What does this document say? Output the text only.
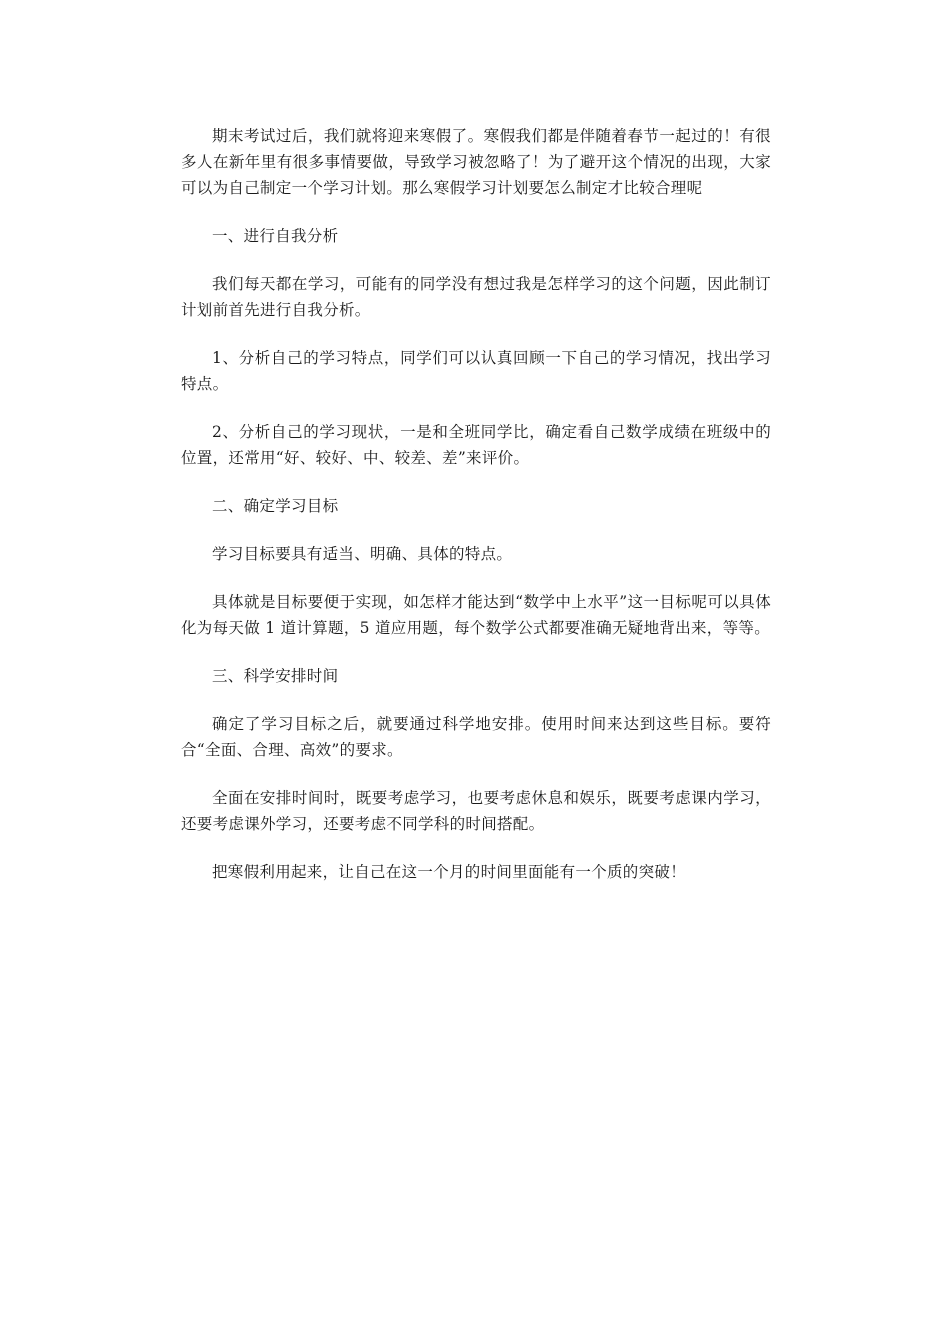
期末考试过后，我们就将迎来寒假了。寒假我们都是伴随着春节一起过的！有很多人在新年里有很多事情要做，导致学习被忽略了！为了避开这个情况的出现，大家可以为自己制定一个学习计划。那么寒假学习计划要怎么制定才比较合理呢

一、进行自我分析

我们每天都在学习，可能有的同学没有想过我是怎样学习的这个问题，因此制订计划前首先进行自我分析。

1、分析自己的学习特点，同学们可以认真回顾一下自己的学习情况，找出学习特点。

2、分析自己的学习现状，一是和全班同学比，确定看自己数学成绩在班级中的位置，还常用“好、较好、中、较差、差”来评价。

二、确定学习目标

学习目标要具有适当、明确、具体的特点。

具体就是目标要便于实现，如怎样才能达到“数学中上水平”这一目标呢可以具体化为每天做 1 道计算题，5 道应用题，每个数学公式都要准确无疑地背出来，等等。

三、科学安排时间

确定了学习目标之后，就要通过科学地安排。使用时间来达到这些目标。要符合“全面、合理、高效”的要求。

全面在安排时间时，既要考虑学习，也要考虑休息和娱乐，既要考虑课内学习，还要考虑课外学习，还要考虑不同学科的时间搭配。

把寒假利用起来，让自己在这一个月的时间里面能有一个质的突破！
